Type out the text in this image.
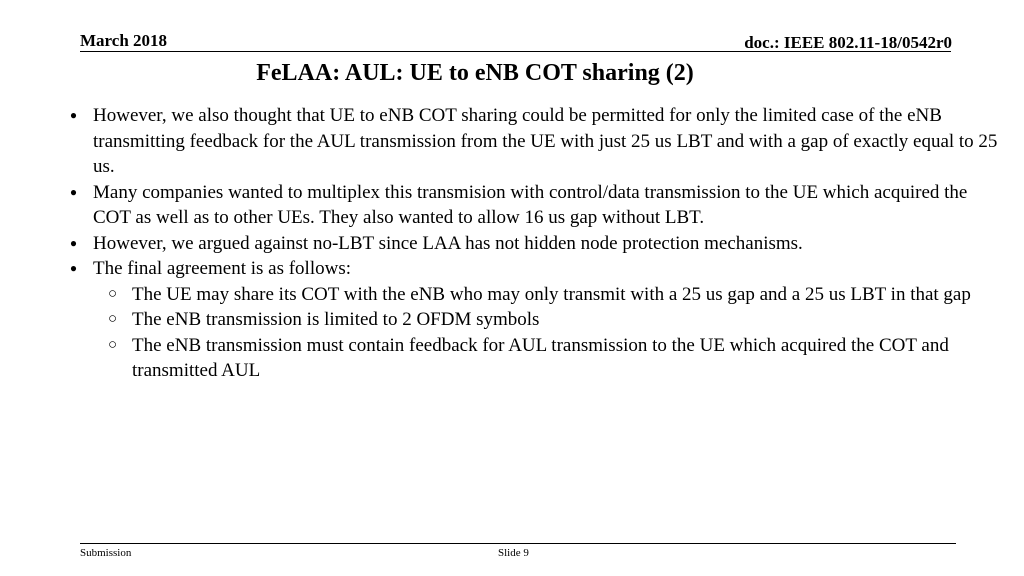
March 2018	doc.: IEEE 802.11-18/0542r0
FeLAA: AUL: UE to eNB COT sharing (2)
● However, we also thought that UE to eNB COT sharing could be permitted for only the limited case of the eNB transmitting feedback for the AUL transmission from the UE with just 25 us LBT and with a gap of exactly equal to 25 us.
● Many companies wanted to multiplex this transmision with control/data transmission to the UE which acquired the COT as well as to other UEs. They also wanted to allow 16 us gap without LBT.
● However, we argued against no-LBT since LAA has not hidden node protection mechanisms.
● The final agreement is as follows:
○ The UE may share its COT with the eNB who may only transmit with a 25 us gap and a 25 us LBT in that gap
○ The eNB transmission is limited to 2 OFDM symbols
○ The eNB transmission must contain feedback for AUL transmission to the UE which acquired the COT and transmitted AUL
Submission	Slide 9
